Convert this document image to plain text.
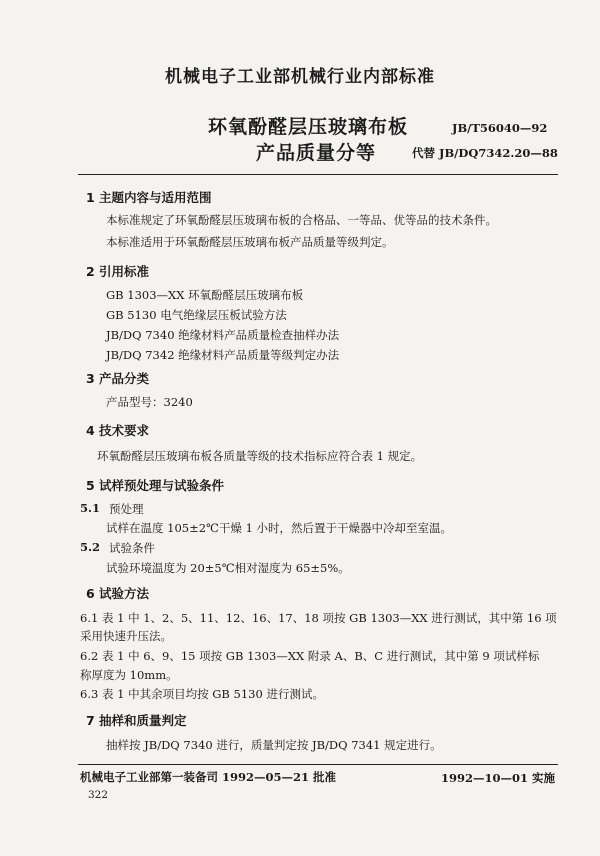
机械电子工业部机械行业内部标准
环氧酚醛层压玻璃布板
产品质量分等
JB/T56040—92
代替 JB/DQ7342.20—88
1 主题内容与适用范围
本标准规定了环氧酚醛层压玻璃布板的合格品、一等品、优等品的技术条件。
本标准适用于环氧酚醛层压玻璃布板产品质量等级判定。
2 引用标准
GB 1303—XX 环氧酚醛层压玻璃布板
GB 5130 电气绝缘层压板试验方法
JB/DQ 7340 绝缘材料产品质量检查抽样办法
JB/DQ 7342 绝缘材料产品质量等级判定办法
3 产品分类
产品型号：3240
4 技术要求
环氧酚醛层压玻璃布板各质量等级的技术指标应符合表 1 规定。
5 试样预处理与试验条件
5.1 预处理
试样在温度 105±2℃干燥 1 小时，然后置于干燥器中冷却至室温。
5.2 试验条件
试验环境温度为 20±5℃相对湿度为 65±5%。
6 试验方法
6.1 表 1 中 1、2、5、11、12、16、17、18 项按 GB 1303—XX 进行测试，其中第 16 项
采用快速升压法。
6.2 表 1 中 6、9、15 项按 GB 1303—XX 附录 A、B、C 进行测试，其中第 9 项试样标
称厚度为 10mm。
6.3 表 1 中其余项目均按 GB 5130 进行测试。
7 抽样和质量判定
抽样按 JB/DQ 7340 进行，质量判定按 JB/DQ 7341 规定进行。
机械电子工业部第一装备司 1992—05—21 批准	1992—10—01 实施
322
